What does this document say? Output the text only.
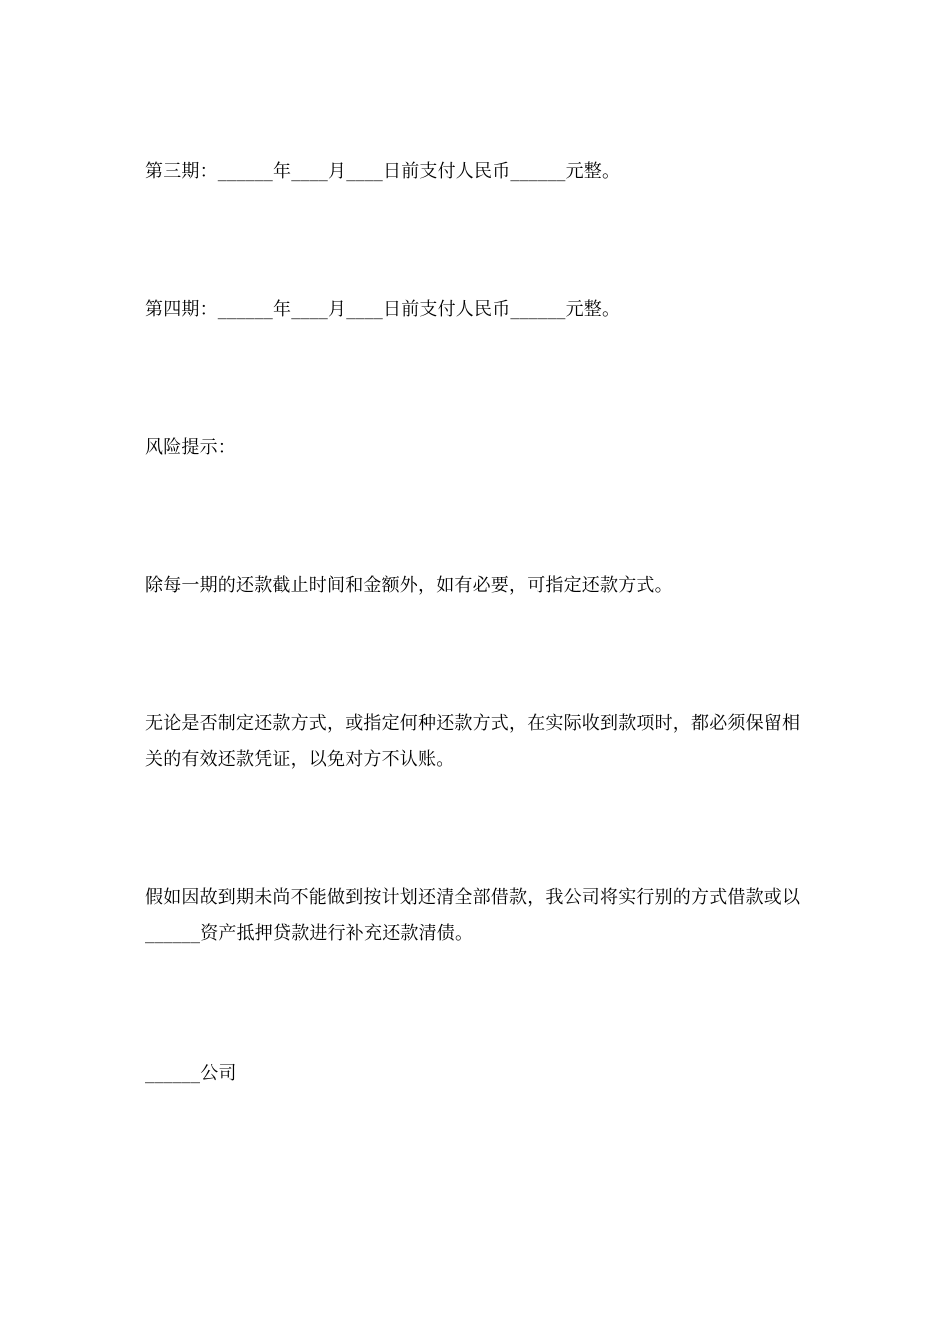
第三期：______年____月____日前支付人民币______元整。

第四期：______年____月____日前支付人民币______元整。

风险提示：

除每一期的还款截止时间和金额外，如有必要，可指定还款方式。

无论是否制定还款方式，或指定何种还款方式，在实际收到款项时，都必须保留相关的有效还款凭证，以免对方不认账。

假如因故到期未尚不能做到按计划还清全部借款，我公司将实行别的方式借款或以______资产抵押贷款进行补充还款清债。

______公司
